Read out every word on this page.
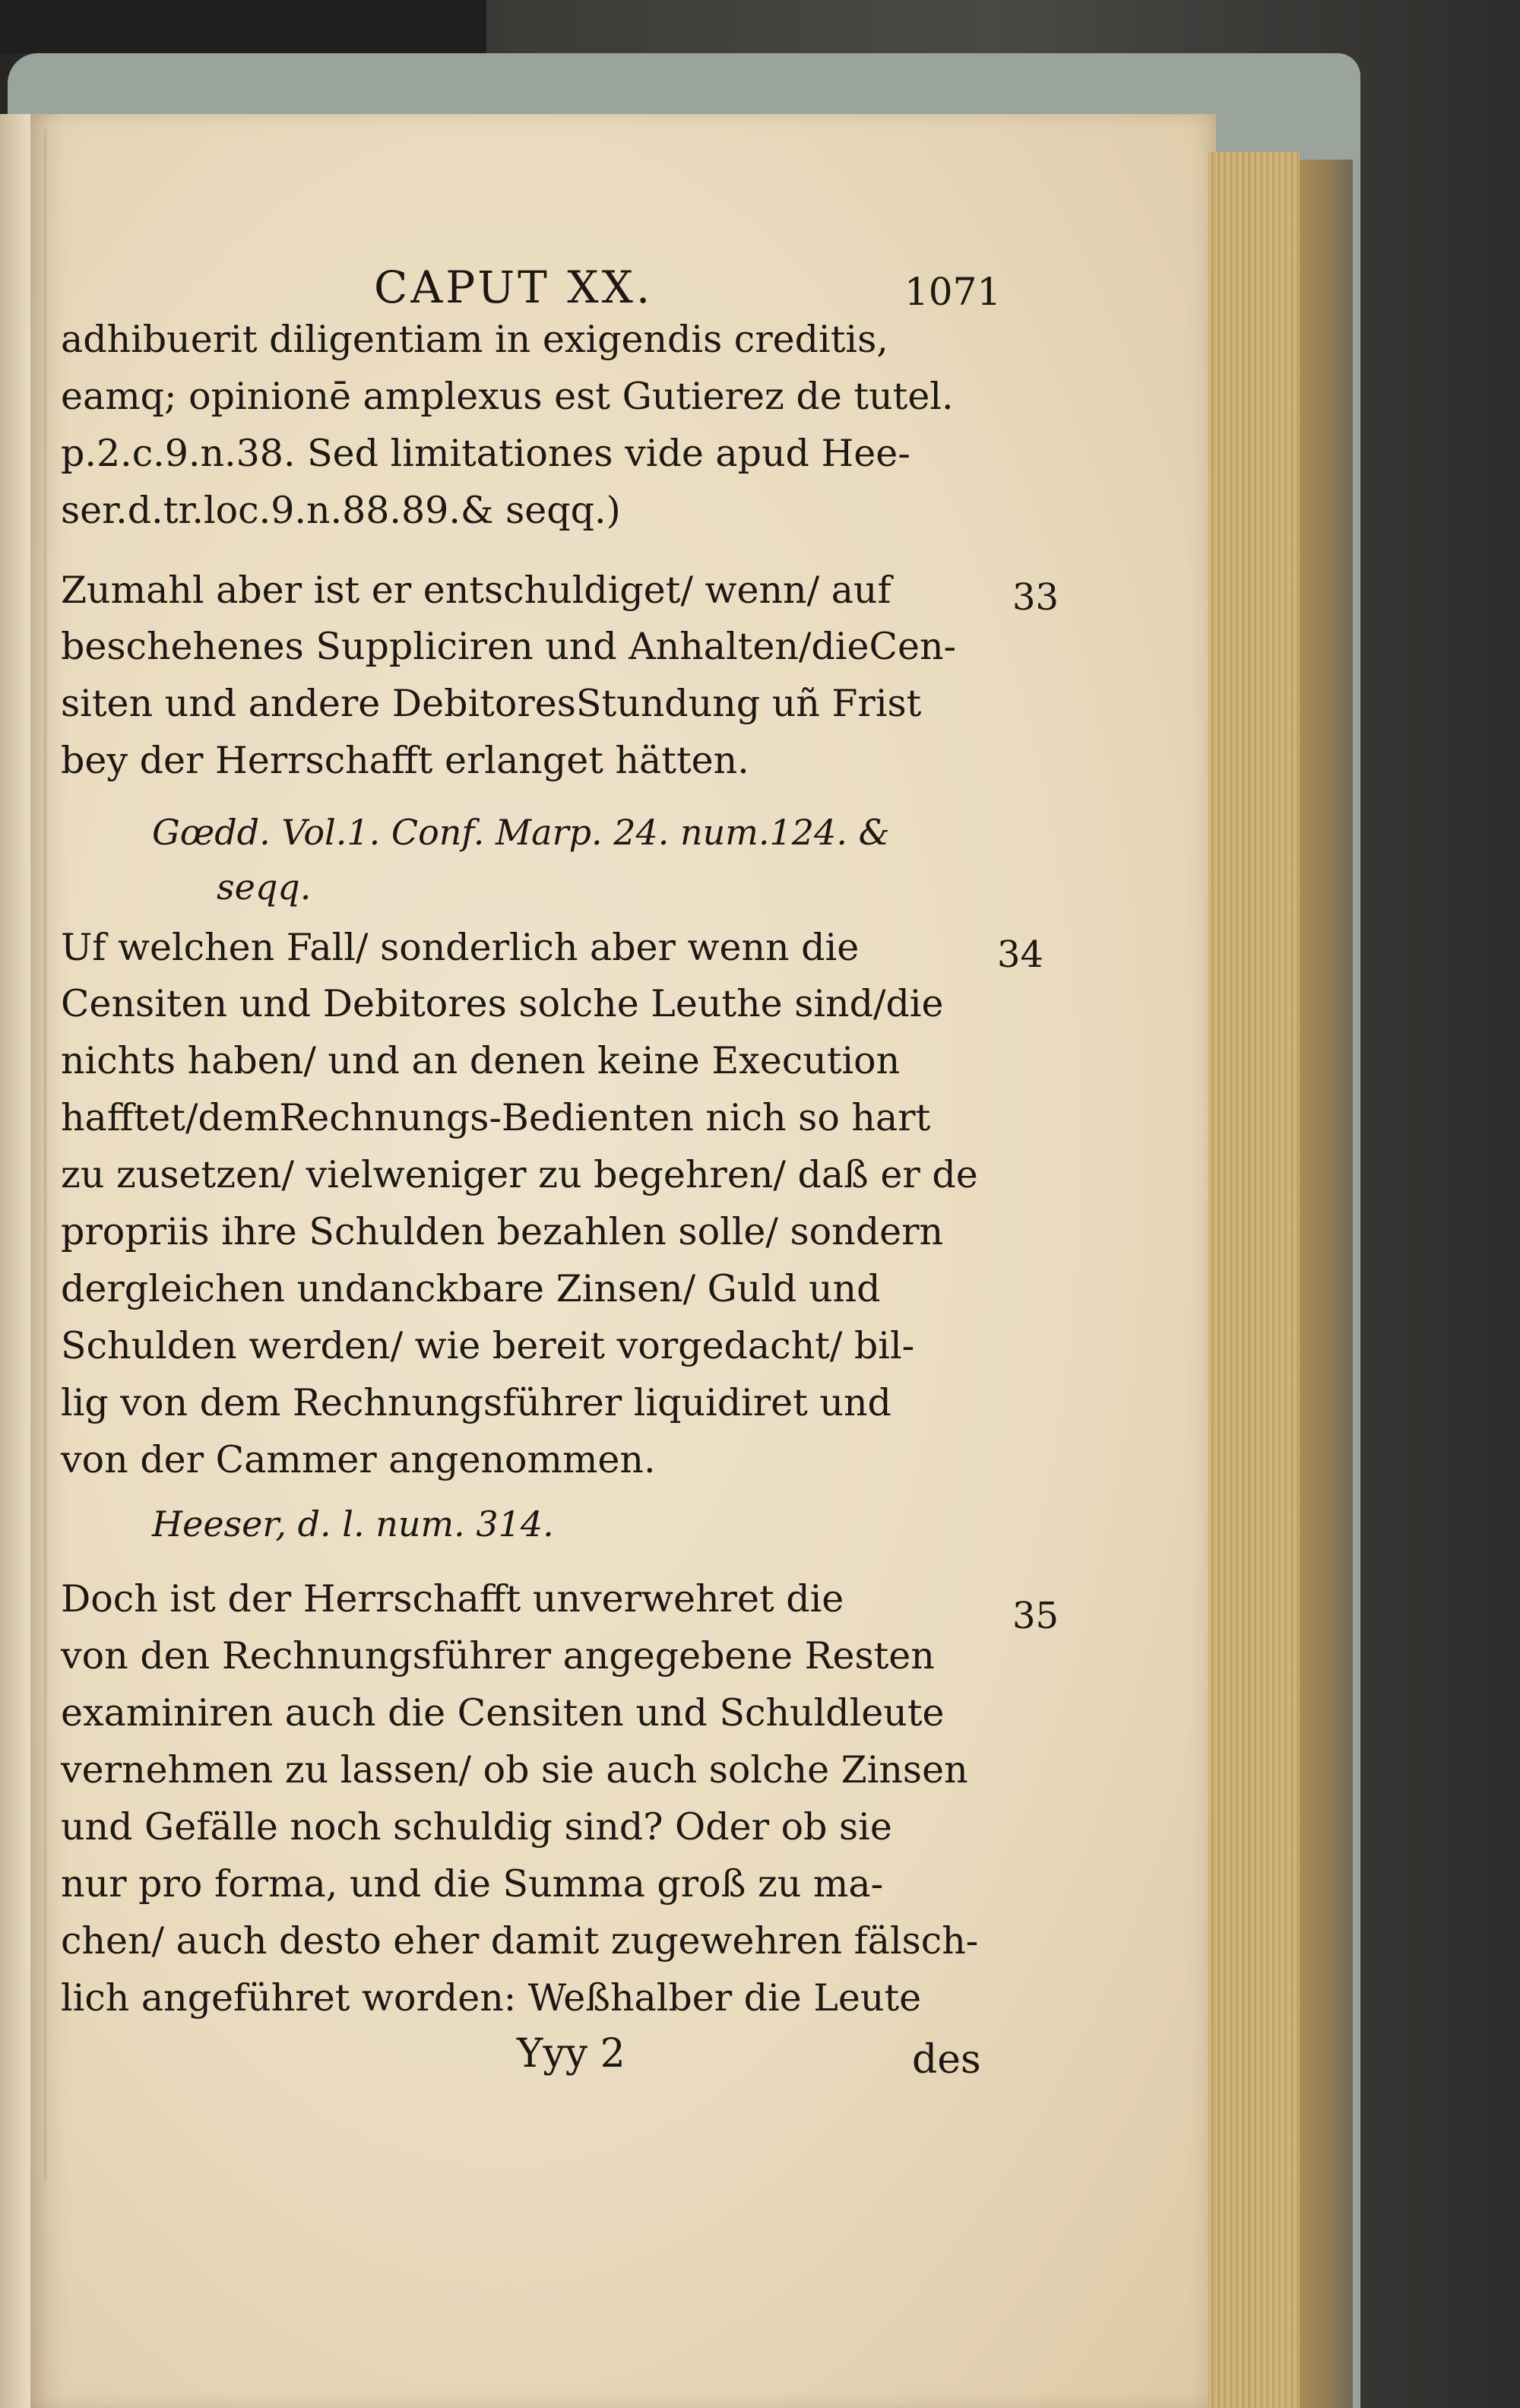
CAPUT XX.	1071
adhibuerit diligentiam in exigendis creditis,
eamq; opinionē amplexus est Gutierez de tutel.
p.2.c.9.n.38. Sed limitationes vide apud Hee-
ser.d.tr.loc.9.n.88.89.& seqq.)
Zumahl aber ist er entschuldiget/ wenn/ auf
beschehenes Suppliciren und Anhalten/dieCen-
siten und andere DebitoresStundung uñ Frist
bey der Herrschafft erlanget hätten.
Gœdd. Vol.1. Conf. Marp. 24. num.124. &
seqq.
Uf welchen Fall/ sonderlich aber wenn die
Censiten und Debitores solche Leuthe sind/die
nichts haben/ und an denen keine Execution
hafftet/demRechnungs-Bedienten nich so hart
zu zusetzen/ vielweniger zu begehren/ daß er de
propriis ihre Schulden bezahlen solle/ sondern
dergleichen undanckbare Zinsen/ Guld und
Schulden werden/ wie bereit vorgedacht/ bil-
lig von dem Rechnungsführer liquidiret und
von der Cammer angenommen.
Heeser, d. l. num. 314.
Doch ist der Herrschafft unverwehret die
von den Rechnungsführer angegebene Resten
examiniren auch die Censiten und Schuldleute
vernehmen zu lassen/ ob sie auch solche Zinsen
und Gefälle noch schuldig sind? Oder ob sie
nur pro forma, und die Summa groß zu ma-
chen/ auch desto eher damit zugewehren fälsch-
lich angeführet worden: Weßhalber die Leute
33
34
35
Yyy 2	des
